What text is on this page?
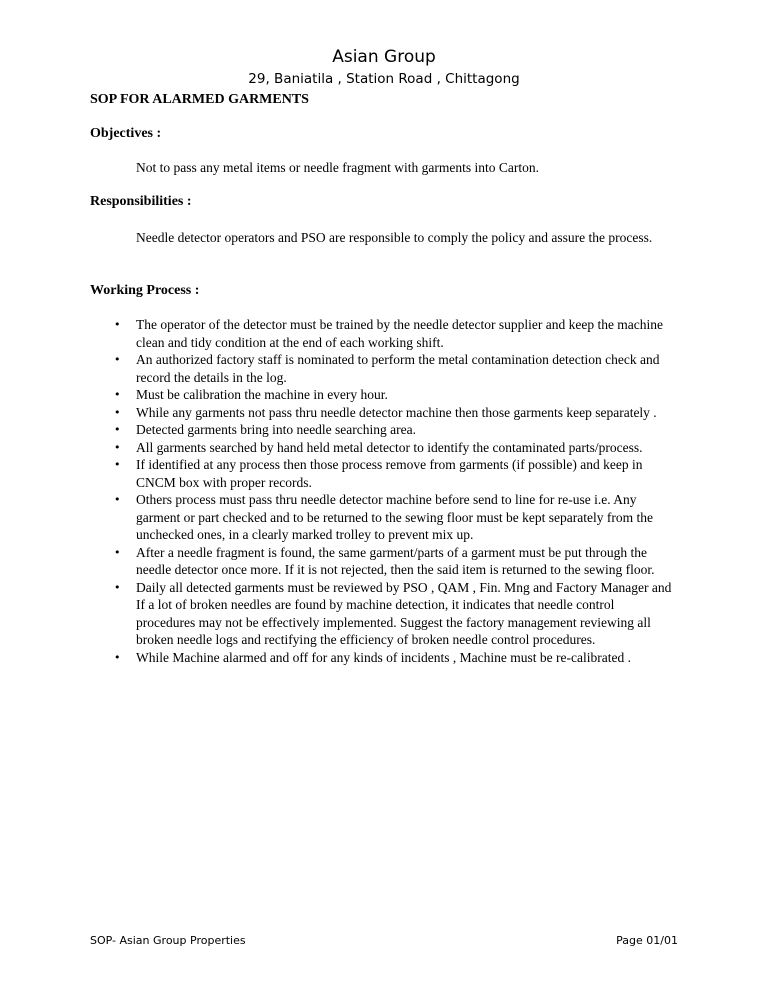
Asian Group
29, Baniatila , Station Road , Chittagong
SOP FOR ALARMED GARMENTS
Objectives :
Not to pass any metal items or needle fragment with garments into Carton.
Responsibilities :
Needle detector operators and PSO are responsible to comply the policy and assure the process.
Working Process :
• The operator of the detector must be trained by the needle detector supplier and keep the machine clean and tidy condition at the end of each working shift.
• An authorized factory staff is nominated to perform the metal contamination detection check and record the details in the log.
• Must be calibration the machine in every hour.
• While any garments not pass thru needle detector machine then those garments keep separately .
• Detected garments bring into needle searching area.
• All garments searched by hand held metal detector to identify the contaminated parts/process.
• If identified at any process then those process remove from garments (if possible) and keep in CNCM box with proper records.
• Others process must pass thru needle detector machine before send to line for re-use i.e. Any garment or part checked and to be returned to the sewing floor must be kept separately from the unchecked ones, in a clearly marked trolley to prevent mix up.
• After a needle fragment is found, the same garment/parts of a garment must be put through the needle detector once more. If it is not rejected, then the said item is returned to the sewing floor.
• Daily all detected garments must be reviewed by PSO , QAM , Fin. Mng and Factory Manager and If a lot of broken needles are found by machine detection, it indicates that needle control procedures may not be effectively implemented. Suggest the factory management reviewing all broken needle logs and rectifying the efficiency of broken needle control procedures.
• While Machine alarmed and off for any kinds of incidents , Machine must be re-calibrated .
SOP- Asian Group Properties	Page 01/01
